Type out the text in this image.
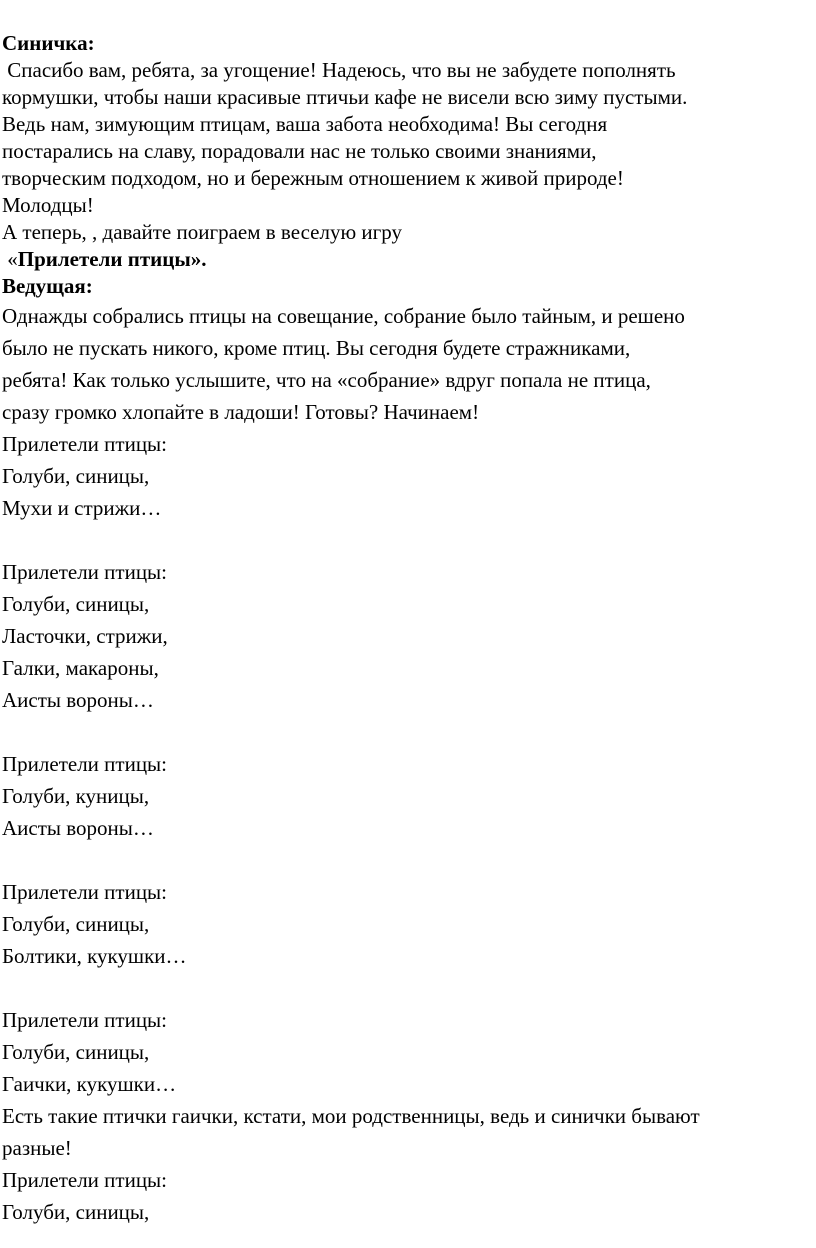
Синичка:
Спасибо вам, ребята, за угощение! Надеюсь, что вы не забудете пополнять
кормушки, чтобы наши красивые птичьи кафе не висели всю зиму пустыми.
Ведь нам, зимующим птицам, ваша забота необходима! Вы сегодня
постарались на славу, порадовали нас не только своими знаниями,
творческим подходом, но и бережным отношением к живой природе!
Молодцы!
А теперь, , давайте поиграем в веселую игру
«Прилетели птицы».
Ведущая:
Однажды собрались птицы на совещание, собрание было тайным, и решено
было не пускать никого, кроме птиц. Вы сегодня будете стражниками,
ребята! Как только услышите, что на «собрание» вдруг попала не птица,
сразу громко хлопайте в ладоши! Готовы? Начинаем!
Прилетели птицы:
Голуби, синицы,
Мухи и стрижи…
Прилетели птицы:
Голуби, синицы,
Ласточки, стрижи,
Галки, макароны,
Аисты вороны…
Прилетели птицы:
Голуби, куницы,
Аисты вороны…
Прилетели птицы:
Голуби, синицы,
Болтики, кукушки…
Прилетели птицы:
Голуби, синицы,
Гаички, кукушки…
Есть такие птички гаички, кстати, мои родственницы, ведь и синички бывают
разные!
Прилетели птицы:
Голуби, синицы,
